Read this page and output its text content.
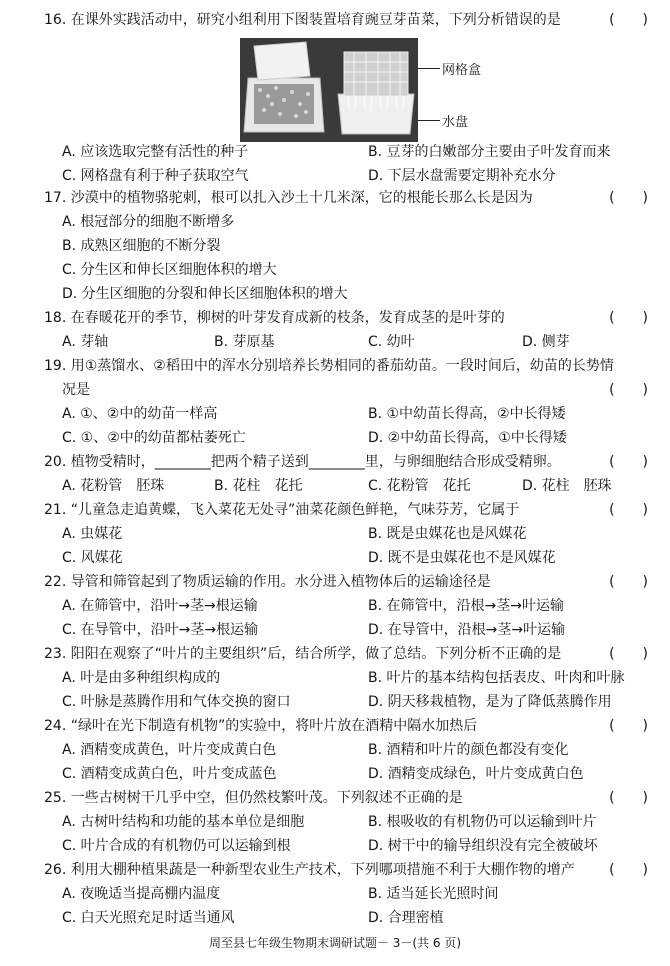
16. 在课外实践活动中，研究小组利用下图装置培育豌豆芽苗菜，下列分析错误的是	(　　)
网格盒
水盘
A. 应该选取完整有活性的种子	B. 豆芽的白嫩部分主要由子叶发育而来
C. 网格盘有利于种子获取空气	D. 下层水盘需要定期补充水分
17. 沙漠中的植物骆驼刺，根可以扎入沙土十几米深，它的根能长那么长是因为	(　　)
A. 根冠部分的细胞不断增多
B. 成熟区细胞的不断分裂
C. 分生区和伸长区细胞体积的增大
D. 分生区细胞的分裂和伸长区细胞体积的增大
18. 在春暖花开的季节，柳树的叶芽发育成新的枝条，发育成茎的是叶芽的	(　　)
A. 芽轴	B. 芽原基	C. 幼叶	D. 侧芽
19. 用①蒸馏水、②稻田中的浑水分别培养长势相同的番茄幼苗。一段时间后，幼苗的长势情
况是	(　　)
A. ①、②中的幼苗一样高	B. ①中幼苗长得高，②中长得矮
C. ①、②中的幼苗都枯萎死亡	D. ②中幼苗长得高，①中长得矮
20. 植物受精时，________把两个精子送到________里，与卵细胞结合形成受精卵。	(　　)
A. 花粉管　胚珠	B. 花柱　花托	C. 花粉管　花托	D. 花柱　胚珠
21. “儿童急走追黄蝶，飞入菜花无处寻”油菜花颜色鲜艳，气味芬芳，它属于	(　　)
A. 虫媒花	B. 既是虫媒花也是风媒花
C. 风媒花	D. 既不是虫媒花也不是风媒花
22. 导管和筛管起到了物质运输的作用。水分进入植物体后的运输途径是	(　　)
A. 在筛管中，沿叶→茎→根运输	B. 在筛管中，沿根→茎→叶运输
C. 在导管中，沿叶→茎→根运输	D. 在导管中，沿根→茎→叶运输
23. 阳阳在观察了“叶片的主要组织”后，结合所学，做了总结。下列分析不正确的是	(　　)
A. 叶是由多种组织构成的	B. 叶片的基本结构包括表皮、叶肉和叶脉
C. 叶脉是蒸腾作用和气体交换的窗口	D. 阴天移栽植物，是为了降低蒸腾作用
24. “绿叶在光下制造有机物”的实验中，将叶片放在酒精中隔水加热后	(　　)
A. 酒精变成黄色，叶片变成黄白色	B. 酒精和叶片的颜色都没有变化
C. 酒精变成黄白色，叶片变成蓝色	D. 酒精变成绿色，叶片变成黄白色
25. 一些古树树干几乎中空，但仍然枝繁叶茂。下列叙述不正确的是	(　　)
A. 古树叶结构和功能的基本单位是细胞	B. 根吸收的有机物仍可以运输到叶片
C. 叶片合成的有机物仍可以运输到根	D. 树干中的输导组织没有完全被破坏
26. 利用大棚种植果蔬是一种新型农业生产技术，下列哪项措施不利于大棚作物的增产 (　　)
A. 夜晚适当提高棚内温度	B. 适当延长光照时间
C. 白天光照充足时适当通风	D. 合理密植
周至县七年级生物期末调研试题－ 3－(共 6 页)
